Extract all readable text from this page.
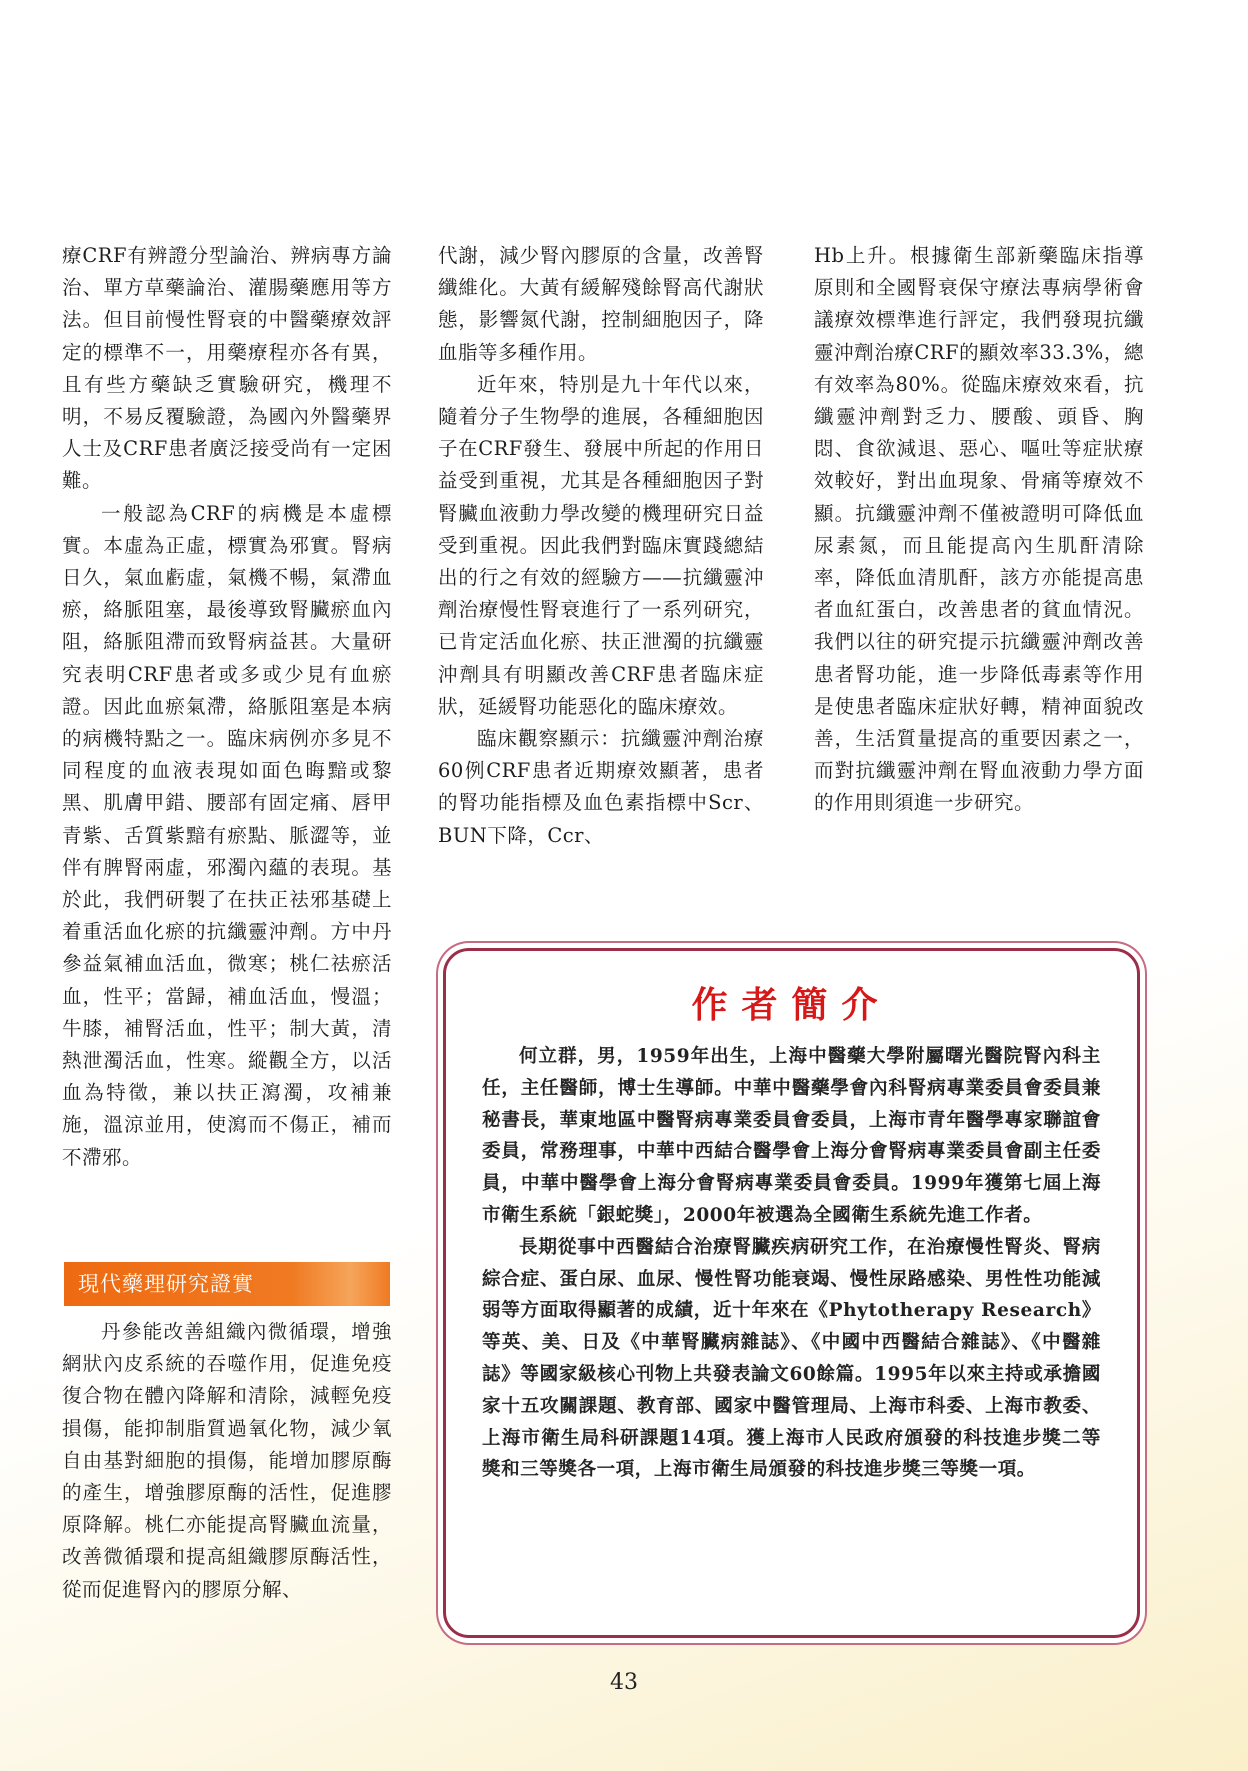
療CRF有辨證分型論治、辨病專方論治、單方草藥論治、灌腸藥應用等方法。但目前慢性腎衰的中醫藥療效評定的標準不一，用藥療程亦各有異，且有些方藥缺乏實驗研究，機理不明，不易反覆驗證，為國內外醫藥界人士及CRF患者廣泛接受尚有一定困難。

一般認為CRF的病機是本虛標實。本虛為正虛，標實為邪實。腎病日久，氣血虧虛，氣機不暢，氣滯血瘀，絡脈阻塞，最後導致腎臟瘀血內阻，絡脈阻滯而致腎病益甚。大量研究表明CRF患者或多或少見有血瘀證。因此血瘀氣滯，絡脈阻塞是本病的病機特點之一。臨床病例亦多見不同程度的血液表現如面色晦黯或黎黑、肌膚甲錯、腰部有固定痛、唇甲青紫、舌質紫黯有瘀點、脈澀等，並伴有脾腎兩虛，邪濁內蘊的表現。基於此，我們研製了在扶正祛邪基礎上着重活血化瘀的抗纖靈沖劑。方中丹參益氣補血活血，微寒；桃仁祛瘀活血，性平；當歸，補血活血，慢溫；牛膝，補腎活血，性平；制大黃，清熱泄濁活血，性寒。縱觀全方，以活血為特徵，兼以扶正瀉濁，攻補兼施，溫涼並用，使瀉而不傷正，補而不滯邪。

現代藥理研究證實

丹參能改善組織內微循環，增強網狀內皮系統的吞噬作用，促進免疫復合物在體內降解和清除，減輕免疫損傷，能抑制脂質過氧化物，減少氧自由基對細胞的損傷，能增加膠原酶的產生，增強膠原酶的活性，促進膠原降解。桃仁亦能提高腎臟血流量，改善微循環和提高組織膠原酶活性，從而促進腎內的膠原分解、

代謝，減少腎內膠原的含量，改善腎纖維化。大黃有緩解殘餘腎高代謝狀態，影響氮代謝，控制細胞因子，降血脂等多種作用。

近年來，特別是九十年代以來，隨着分子生物學的進展，各種細胞因子在CRF發生、發展中所起的作用日益受到重視，尤其是各種細胞因子對腎臟血液動力學改變的機理研究日益受到重視。因此我們對臨床實踐總結出的行之有效的經驗方——抗纖靈沖劑治療慢性腎衰進行了一系列研究，已肯定活血化瘀、扶正泄濁的抗纖靈沖劑具有明顯改善CRF患者臨床症狀，延緩腎功能惡化的臨床療效。

臨床觀察顯示：抗纖靈沖劑治療60例CRF患者近期療效顯著，患者的腎功能指標及血色素指標中Scr、BUN下降，Ccr、

Hb上升。根據衛生部新藥臨床指導原則和全國腎衰保守療法專病學術會議療效標準進行評定，我們發現抗纖靈沖劑治療CRF的顯效率33.3%，總有效率為80%。從臨床療效來看，抗纖靈沖劑對乏力、腰酸、頭昏、胸悶、食欲減退、惡心、嘔吐等症狀療效較好，對出血現象、骨痛等療效不顯。抗纖靈沖劑不僅被證明可降低血尿素氮，而且能提高內生肌酐清除率，降低血清肌酐，該方亦能提高患者血紅蛋白，改善患者的貧血情況。我們以往的研究提示抗纖靈沖劑改善患者腎功能，進一步降低毒素等作用是使患者臨床症狀好轉，精神面貌改善，生活質量提高的重要因素之一，而對抗纖靈沖劑在腎血液動力學方面的作用則須進一步研究。

作者簡介

何立群，男，1959年出生，上海中醫藥大學附屬曙光醫院腎內科主任，主任醫師，博士生導師。中華中醫藥學會內科腎病專業委員會委員兼秘書長，華東地區中醫腎病專業委員會委員，上海市青年醫學專家聯誼會委員，常務理事，中華中西結合醫學會上海分會腎病專業委員會副主任委員，中華中醫學會上海分會腎病專業委員會委員。1999年獲第七屆上海市衛生系統「銀蛇獎」，2000年被選為全國衛生系統先進工作者。

長期從事中西醫結合治療腎臟疾病研究工作，在治療慢性腎炎、腎病綜合症、蛋白尿、血尿、慢性腎功能衰竭、慢性尿路感染、男性性功能減弱等方面取得顯著的成績，近十年來在《Phytotherapy Research》等英、美、日及《中華腎臟病雜誌》、《中國中西醫結合雜誌》、《中醫雜誌》等國家級核心刊物上共發表論文60餘篇。1995年以來主持或承擔國家十五攻關課題、教育部、國家中醫管理局、上海市科委、上海市教委、上海市衛生局科研課題14項。獲上海市人民政府頒發的科技進步獎二等獎和三等獎各一項，上海市衛生局頒發的科技進步獎三等獎一項。

43
